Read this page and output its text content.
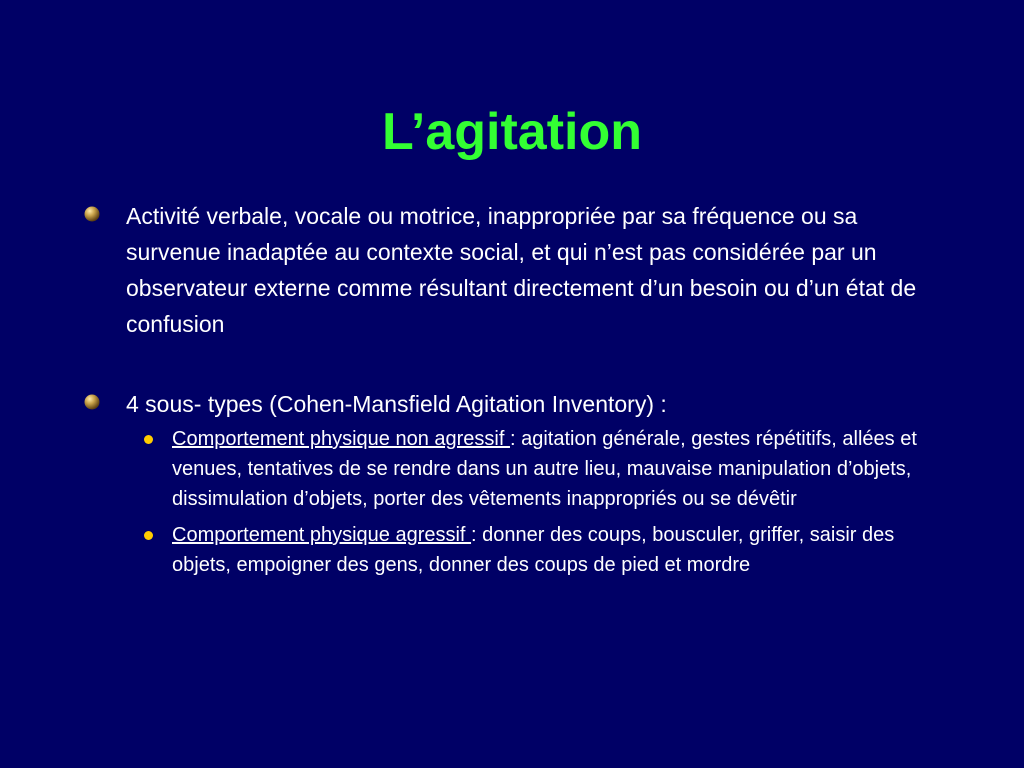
L’agitation
Activité verbale, vocale ou motrice, inappropriée par sa fréquence ou sa survenue inadaptée au contexte social, et qui n’est pas considérée par un observateur externe comme résultant directement d’un besoin ou d’un état de confusion
4 sous- types (Cohen-Mansfield Agitation Inventory) :
Comportement physique non agressif : agitation générale, gestes répétitifs, allées et venues, tentatives de se rendre dans un autre lieu, mauvaise manipulation d’objets, dissimulation d’objets, porter des vêtements inappropriés ou se dévêtir
Comportement physique agressif : donner des coups, bousculer, griffer, saisir des objets, empoigner des gens, donner des coups de pied et mordre
